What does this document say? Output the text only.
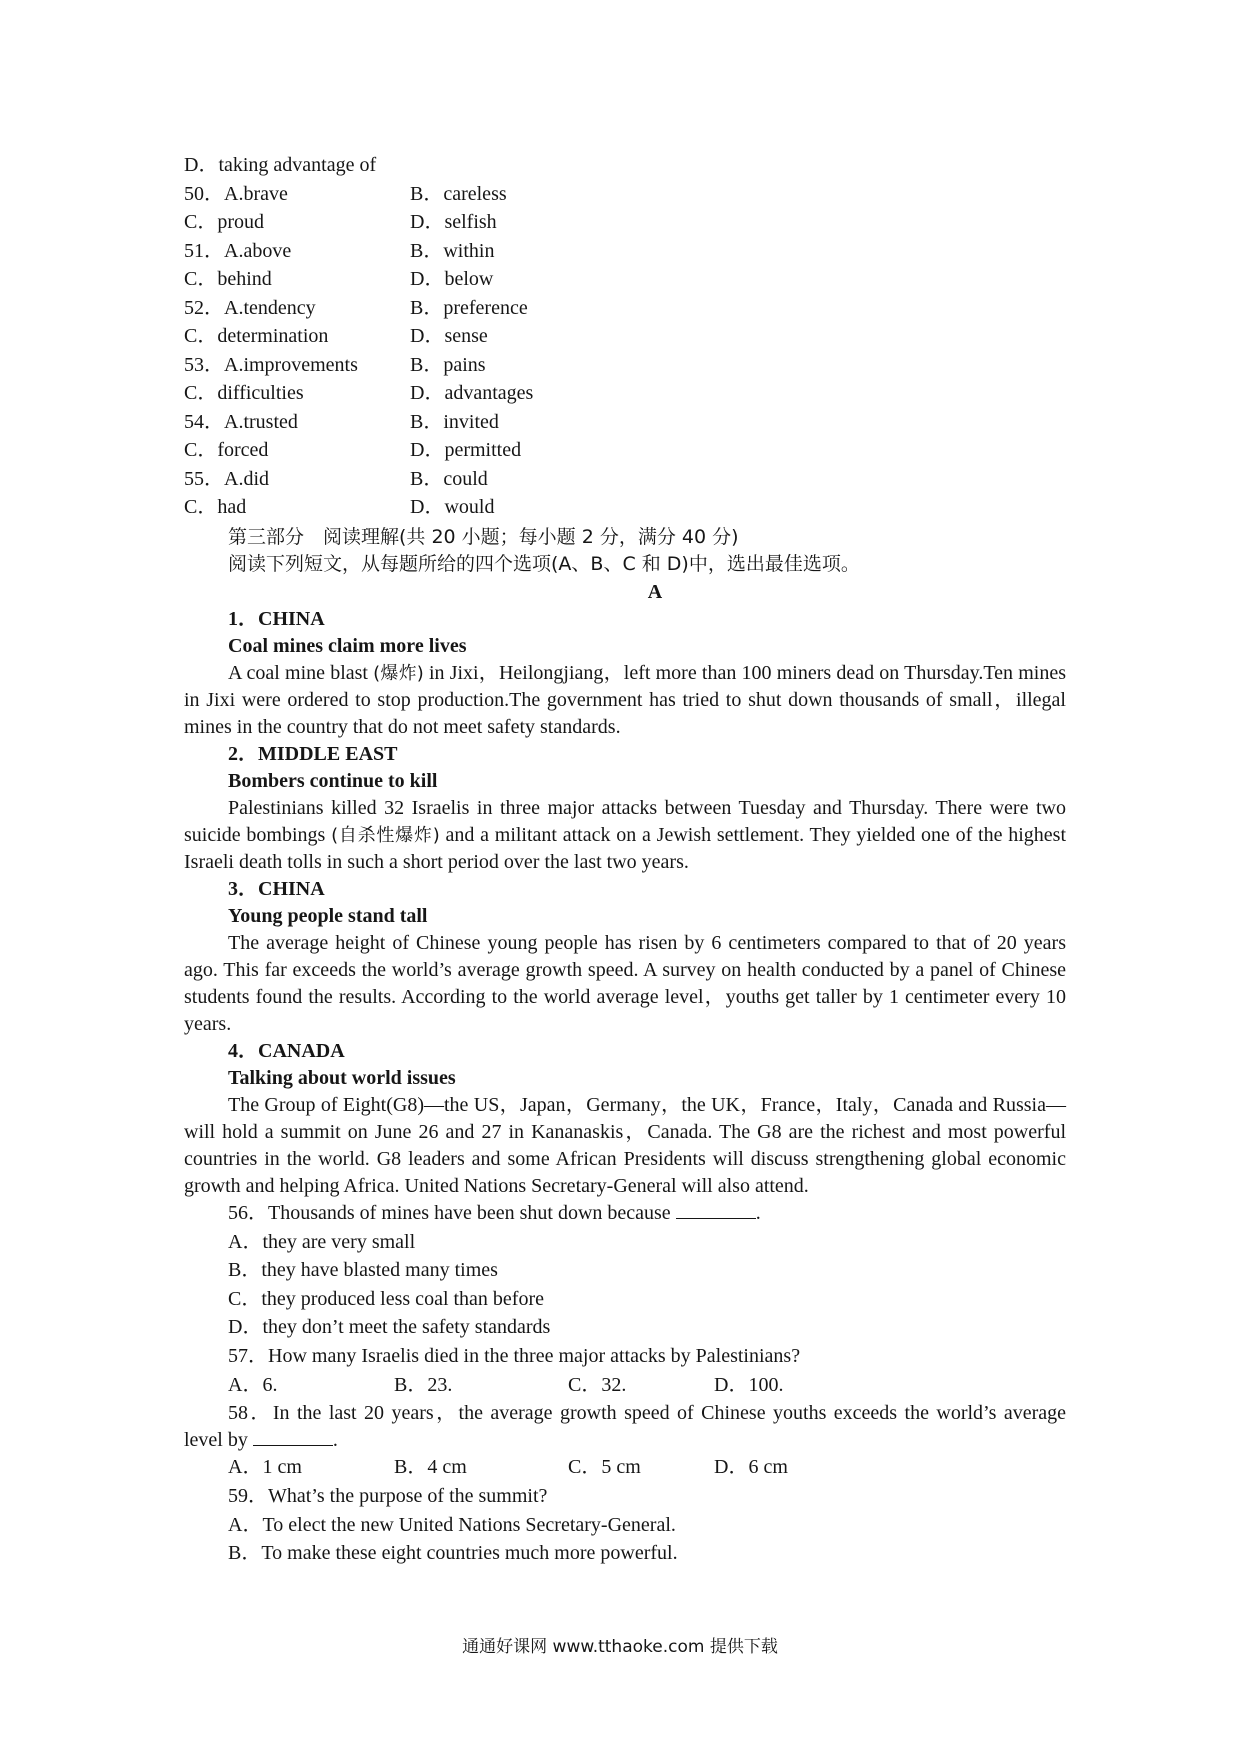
D．taking advantage of
50．A.brave	B．careless
C．proud	D．selfish
51．A.above	B．within
C．behind	D．below
52．A.tendency	B．preference
C．determination	D．sense
53．A.improvements	B．pains
C．difficulties	D．advantages
54．A.trusted	B．invited
C．forced	D．permitted
55．A.did	B．could
C．had	D．would
第三部分　阅读理解(共 20 小题；每小题 2 分，满分 40 分)
阅读下列短文，从每题所给的四个选项(A、B、C 和 D)中，选出最佳选项。
A
1．CHINA
Coal mines claim more lives

A coal mine blast (爆炸) in Jixi，Heilongjiang，left more than 100 miners dead on Thursday.Ten mines in Jixi were ordered to stop production.The government has tried to shut down thousands of small，illegal mines in the country that do not meet safety standards.

2．MIDDLE EAST
Bombers continue to kill

Palestinians killed 32 Israelis in three major attacks between Tuesday and Thursday. There were two suicide bombings (自杀性爆炸) and a militant attack on a Jewish settlement. They yielded one of the highest Israeli death tolls in such a short period over the last two years.

3．CHINA
Young people stand tall

The average height of Chinese young people has risen by 6 centimeters compared to that of 20 years ago. This far exceeds the world’s average growth speed. A survey on health conducted by a panel of Chinese students found the results. According to the world average level，youths get taller by 1 centimeter every 10 years.

4．CANADA
Talking about world issues

The Group of Eight(G8)—the US，Japan，Germany，the UK，France，Italy，Canada and Russia—will hold a summit on June 26 and 27 in Kananaskis，Canada. The G8 are the richest and most powerful countries in the world. G8 leaders and some African Presidents will discuss strengthening global economic growth and helping Africa. United Nations Secretary-General will also attend.

56．Thousands of mines have been shut down because	.
A．they are very small
B．they have blasted many times
C．they produced less coal than before
D．they don’t meet the safety standards
57．How many Israelis died in the three major attacks by Palestinians?
A．6.	B．23.	C．32.	D．100.

58．In the last 20 years，the average growth speed of Chinese youths exceeds the world’s average level by	.

A．1 cm	B．4 cm	C．5 cm	D．6 cm
59．What’s the purpose of the summit?
A．To elect the new United Nations Secretary-General.
B．To make these eight countries much more powerful.
通通好课网 www.tthaoke.com 提供下载
